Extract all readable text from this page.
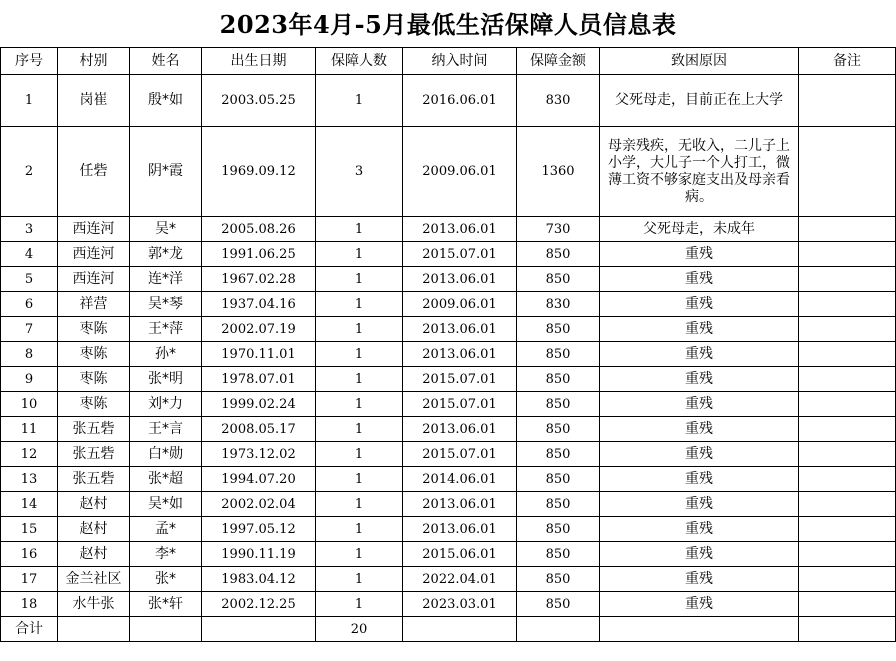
2023年4月-5月最低生活保障人员信息表
序号	村别	姓名	出生日期	保障人数	纳入时间	保障金额	致困原因	备注
1	岗崔	殷*如	2003.05.25	1	2016.06.01	830	父死母走，目前正在上大学	
2	任砦	阴*霞	1969.09.12	3	2009.06.01	1360	母亲残疾，无收入，二儿子上小学，大儿子一个人打工，微薄工资不够家庭支出及母亲看病。	
3	西连河	吴*	2005.08.26	1	2013.06.01	730	父死母走，未成年	
4	西连河	郭*龙	1991.06.25	1	2015.07.01	850	重残	
5	西连河	连*洋	1967.02.28	1	2013.06.01	850	重残	
6	祥营	吴*琴	1937.04.16	1	2009.06.01	830	重残	
7	枣陈	王*萍	2002.07.19	1	2013.06.01	850	重残	
8	枣陈	孙*	1970.11.01	1	2013.06.01	850	重残	
9	枣陈	张*明	1978.07.01	1	2015.07.01	850	重残	
10	枣陈	刘*力	1999.02.24	1	2015.07.01	850	重残	
11	张五砦	王*言	2008.05.17	1	2013.06.01	850	重残	
12	张五砦	白*勋	1973.12.02	1	2015.07.01	850	重残	
13	张五砦	张*超	1994.07.20	1	2014.06.01	850	重残	
14	赵村	吴*如	2002.02.04	1	2013.06.01	850	重残	
15	赵村	孟*	1997.05.12	1	2013.06.01	850	重残	
16	赵村	李*	1990.11.19	1	2015.06.01	850	重残	
17	金兰社区	张*	1983.04.12	1	2022.04.01	850	重残	
18	水牛张	张*轩	2002.12.25	1	2023.03.01	850	重残	
合计				20				
